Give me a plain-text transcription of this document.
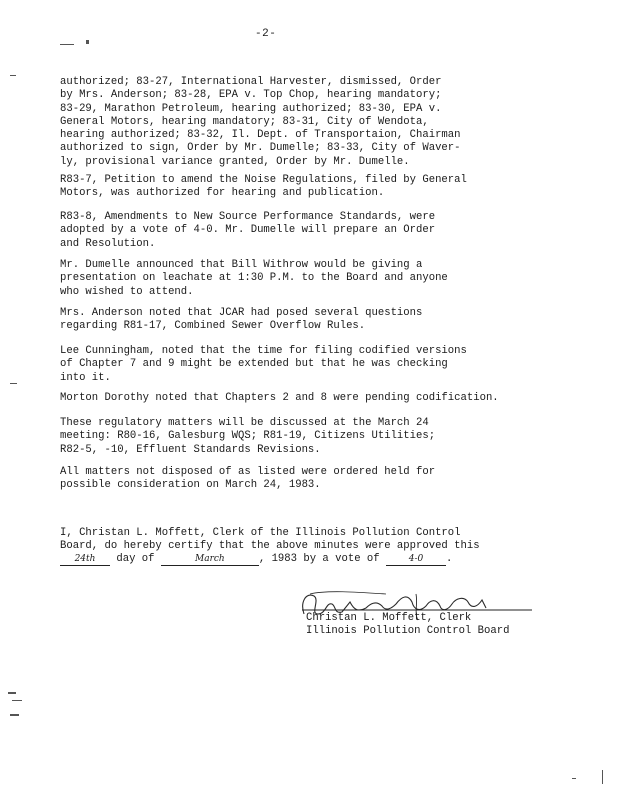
-2-

authorized; 83-27, International Harvester, dismissed, Order
by Mrs. Anderson; 83-28, EPA v. Top Chop, hearing mandatory;
83-29, Marathon Petroleum, hearing authorized; 83-30, EPA v.
General Motors, hearing mandatory; 83-31, City of Wendota,
hearing authorized; 83-32, Il. Dept. of Transportaion, Chairman
authorized to sign, Order by Mr. Dumelle; 83-33, City of Waver-
ly, provisional variance granted, Order by Mr. Dumelle.

R83-7, Petition to amend the Noise Regulations, filed by General
Motors, was authorized for hearing and publication.

R83-8, Amendments to New Source Performance Standards, were
adopted by a vote of 4-0. Mr. Dumelle will prepare an Order
and Resolution.

Mr. Dumelle announced that Bill Withrow would be giving a
presentation on leachate at 1:30 P.M. to the Board and anyone
who wished to attend.

Mrs. Anderson noted that JCAR had posed several questions
regarding R81-17, Combined Sewer Overflow Rules.

Lee Cunningham, noted that the time for filing codified versions
of Chapter 7 and 9 might be extended but that he was checking
into it.

Morton Dorothy noted that Chapters 2 and 8 were pending codification.

These regulatory matters will be discussed at the March 24
meeting: R80-16, Galesburg WQS; R81-19, Citizens Utilities;
R82-5, -10, Effluent Standards Revisions.

All matters not disposed of as listed were ordered held for
possible consideration on March 24, 1983.

I, Christan L. Moffett, Clerk of the Illinois Pollution Control
Board, do hereby certify that the above minutes were approved this
24th day of	March	, 1983 by a vote of	4-0 .
Christan L. Moffett, Clerk
Illinois Pollution Control Board
